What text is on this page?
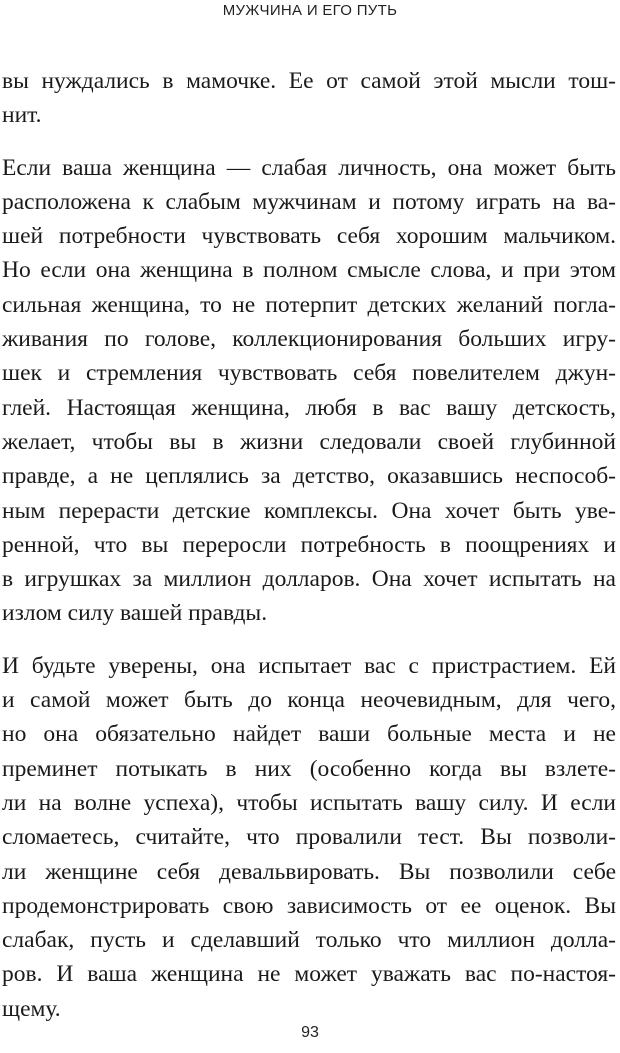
МУЖЧИНА И ЕГО ПУТЬ

вы нуждались в мамочке. Ее от самой этой мысли тош-
нит.

Если ваша женщина — слабая личность, она может быть
расположена к слабым мужчинам и потому играть на ва-
шей потребности чувствовать себя хорошим мальчиком.
Но если она женщина в полном смысле слова, и при этом
сильная женщина, то не потерпит детских желаний погла-
живания по голове, коллекционирования больших игру-
шек и стремления чувствовать себя повелителем джун-
глей. Настоящая женщина, любя в вас вашу детскость,
желает, чтобы вы в жизни следовали своей глубинной
правде, а не цеплялись за детство, оказавшись неспособ-
ным перерасти детские комплексы. Она хочет быть уве-
ренной, что вы переросли потребность в поощрениях и
в игрушках за миллион долларов. Она хочет испытать на
излом силу вашей правды.

И будьте уверены, она испытает вас с пристрастием. Ей
и самой может быть до конца неочевидным, для чего,
но она обязательно найдет ваши больные места и не
преминет потыкать в них (особенно когда вы взлете-
ли на волне успеха), чтобы испытать вашу силу. И если
сломаетесь, считайте, что провалили тест. Вы позволи-
ли женщине себя девальвировать. Вы позволили себе
продемонстрировать свою зависимость от ее оценок. Вы
слабак, пусть и сделавший только что миллион долла-
ров. И ваша женщина не может уважать вас по-настоя-
щему.

93
